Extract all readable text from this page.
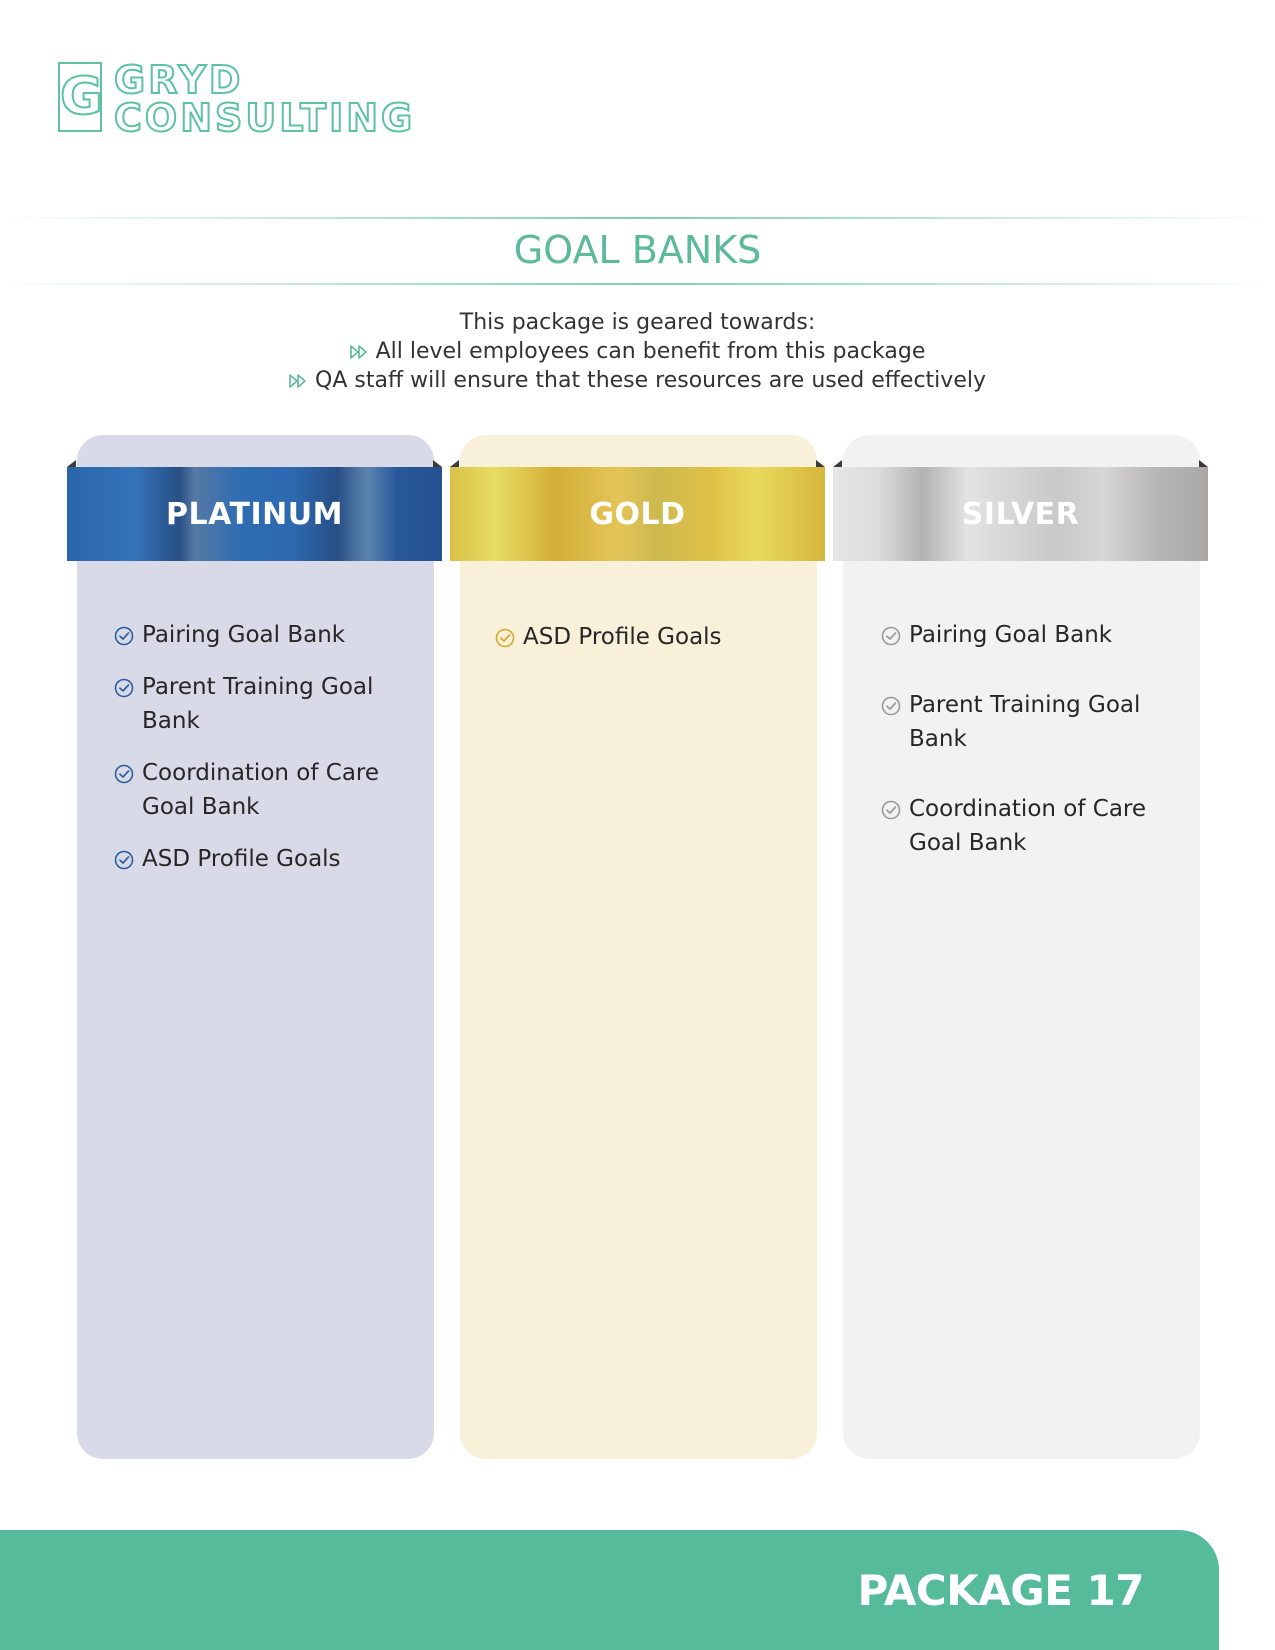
G GRYD
CONSULTING
GOAL BANKS
This package is geared towards:
All level employees can benefit from this package
QA staff will ensure that these resources are used effectively
PLATINUM	GOLD	SILVER
Pairing Goal Bank
Parent Training Goal Bank
Coordination of Care Goal Bank
ASD Profile Goals
ASD Profile Goals	Pairing Goal Bank
Parent Training Goal Bank
Coordination of Care Goal Bank
PACKAGE 17
